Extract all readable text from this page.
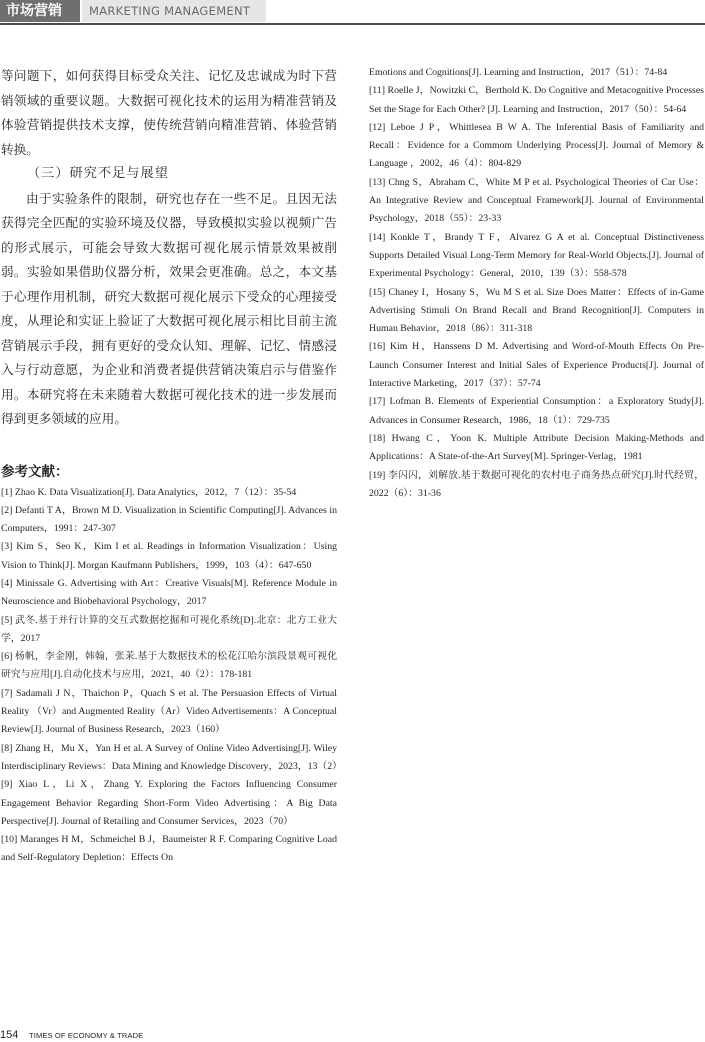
市场营销	MARKETING MANAGEMENT

等问题下，如何获得目标受众关注、记忆及忠诚成为时下营销领域的重要议题。大数据可视化技术的运用为精准营销及体验营销提供技术支撑，使传统营销向精准营销、体验营销转换。

（三）研究不足与展望

由于实验条件的限制，研究也存在一些不足。且因无法获得完全匹配的实验环境及仪器，导致模拟实验以视频广告的形式展示，可能会导致大数据可视化展示情景效果被削弱。实验如果借助仪器分析，效果会更准确。总之，本文基于心理作用机制，研究大数据可视化展示下受众的心理接受度，从理论和实证上验证了大数据可视化展示相比目前主流营销展示手段，拥有更好的受众认知、理解、记忆、情感浸入与行动意愿，为企业和消费者提供营销决策启示与借鉴作用。本研究将在未来随着大数据可视化技术的进一步发展而得到更多领域的应用。

参考文献：

[1] Zhao K. Data Visualization[J]. Data Analytics，2012，7（12）：35-54

[2] Defanti T A，Brown M D. Visualization in Scientific Computing[J]. Advances in Computers，1991：247-307

[3] Kim S，Seo K，Kim I et al. Readings in Information Visualization：Using Vision to Think[J]. Morgan Kaufmann Publishers，1999，103（4）：647-650

[4] Minissale G. Advertising with Art：Creative Visuals[M]. Reference Module in Neuroscience and Biobehavioral Psychology，2017

[5] 武冬.基于并行计算的交互式数据挖掘和可视化系统[D].北京：北方工业大学，2017

[6] 杨帆，李金刚，韩翰，张茉.基于大数据技术的松花江哈尔滨段景观可视化研究与应用[J].自动化技术与应用，2021，40（2）：178-181

[7] Sadamali J N，Thaichon P，Quach S et al. The Persuasion Effects of Virtual Reality （Vr）and Augmented Reality（Ar）Video Advertisements：A Conceptual Review[J]. Journal of Business Research，2023（160）

[8] Zhang H，Mu X，Yan H et al. A Survey of Online Video Advertising[J]. Wiley Interdisciplinary Reviews：Data Mining and Knowledge Discovery，2023，13（2）

[9] Xiao L，Li X，Zhang Y. Exploring the Factors Influencing Consumer Engagement Behavior Regarding Short-Form Video Advertising：A Big Data Perspective[J]. Journal of Retailing and Consumer Services，2023（70）

[10] Maranges H M，Schmeichel B J，Baumeister R F. Comparing Cognitive Load and Self-Regulatory Depletion：Effects On

Emotions and Cognitions[J]. Learning and Instruction，2017（51）：74-84

[11] Roelle J，Nowitzki C，Berthold K. Do Cognitive and Metacognitive Processes Set the Stage for Each Other? [J]. Learning and Instruction，2017（50）：54-64

[12] Leboe J P，Whittlesea B W A. The Inferential Basis of Familiarity and Recall：Evidence for a Commom Underlying Process[J]. Journal of Memory & Language ，2002，46（4）：804-829

[13] Chng S，Abraham C，White M P et al. Psychological Theories of Car Use：An Integrative Review and Conceptual Framework[J]. Journal of Environmental Psychology，2018（55）：23-33

[14] Konkle T，Brandy T F，Alvarez G A et al. Conceptual Distinctiveness Supports Detailed Visual Long-Term Memory for Real-World Objects.[J]. Journal of Experimental Psychology：General，2010，139（3）：558-578

[15] Chaney I，Hosany S，Wu M S et al. Size Does Matter：Effects of in-Game Advertising Stimuli On Brand Recall and Brand Recognition[J]. Computers in Human Behavior，2018（86）：311-318

[16] Kim H，Hanssens D M. Advertising and Word-of-Mouth Effects On Pre-Launch Consumer Interest and Initial Sales of Experience Products[J]. Journal of Interactive Marketing，2017（37）：57-74

[17] Lofman B. Elements of Experiential Consumption：a Exploratory Study[J]. Advances in Consumer Research，1986，18（1）：729-735

[18] Hwang C，Yoon K. Multiple Attribute Decision Making-Methods and Applications：A State-of-the-Art Survey[M]. Springer-Verlag，1981

[19] 李闪闪，刘解放.基于数据可视化的农村电子商务热点研究[J].时代经贸，2022（6）：31-36

154 TIMES OF ECONOMY & TRADE
